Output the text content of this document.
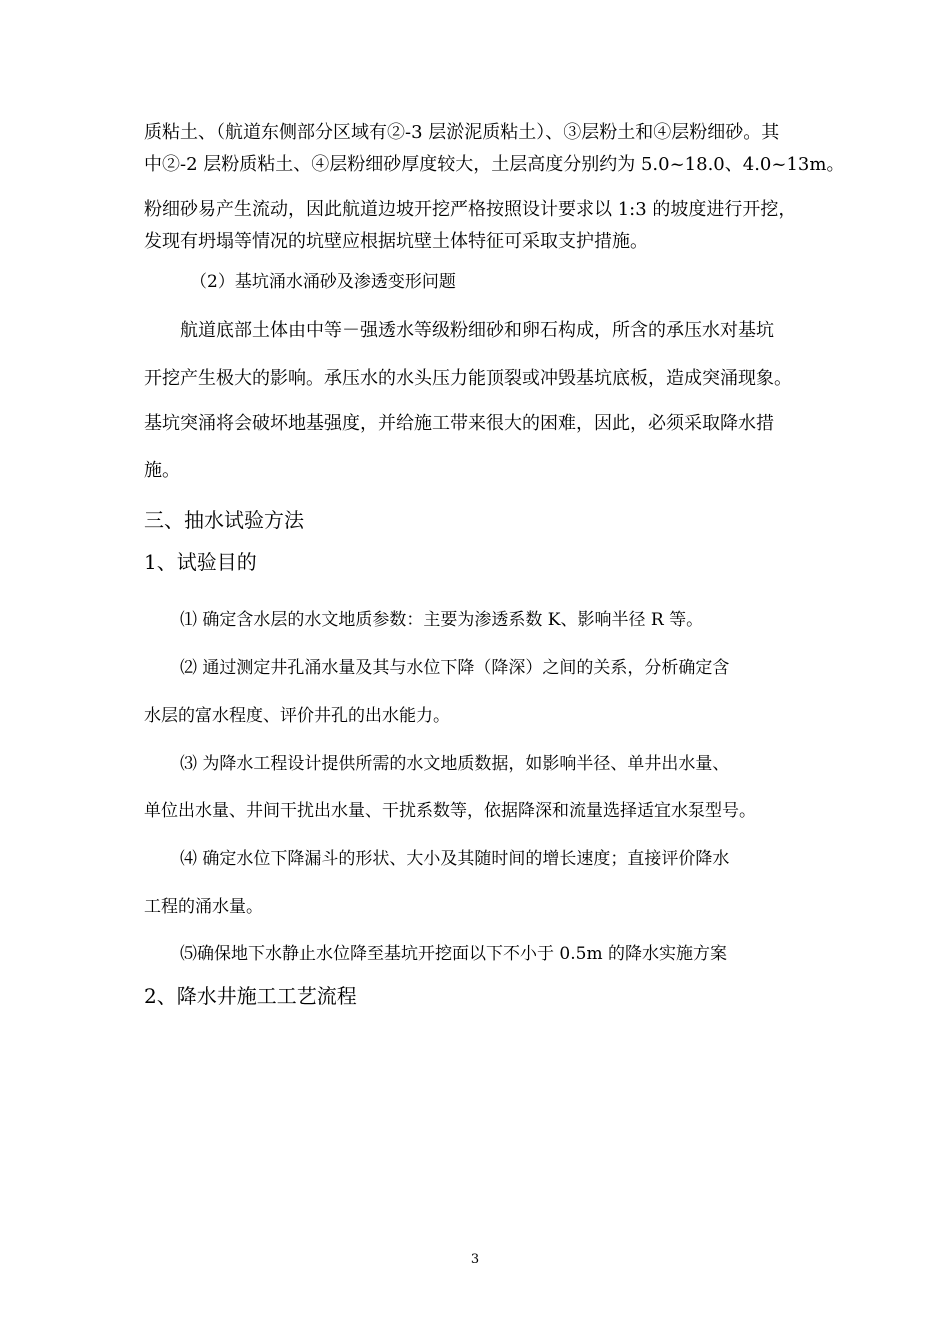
质粘土、（航道东侧部分区域有②-3 层淤泥质粘土）、③层粉土和④层粉细砂。其
中②-2 层粉质粘土、④层粉细砂厚度较大，土层高度分别约为 5.0~18.0、4.0~13m。
粉细砂易产生流动，因此航道边坡开挖严格按照设计要求以 1:3 的坡度进行开挖，
发现有坍塌等情况的坑壁应根据坑壁土体特征可采取支护措施。
（2）基坑涌水涌砂及渗透变形问题
航道底部土体由中等－强透水等级粉细砂和卵石构成，所含的承压水对基坑
开挖产生极大的影响。承压水的水头压力能顶裂或冲毁基坑底板，造成突涌现象。
基坑突涌将会破坏地基强度，并给施工带来很大的困难，因此，必须采取降水措
施。
三、抽水试验方法
1、试验目的
⑴ 确定含水层的水文地质参数：主要为渗透系数 K、影响半径 R 等。
⑵ 通过测定井孔涌水量及其与水位下降（降深）之间的关系，分析确定含
水层的富水程度、评价井孔的出水能力。
⑶ 为降水工程设计提供所需的水文地质数据，如影响半径、单井出水量、
单位出水量、井间干扰出水量、干扰系数等，依据降深和流量选择适宜水泵型号。
⑷ 确定水位下降漏斗的形状、大小及其随时间的增长速度；直接评价降水
工程的涌水量。
⑸确保地下水静止水位降至基坑开挖面以下不小于 0.5m 的降水实施方案
2、降水井施工工艺流程
3
